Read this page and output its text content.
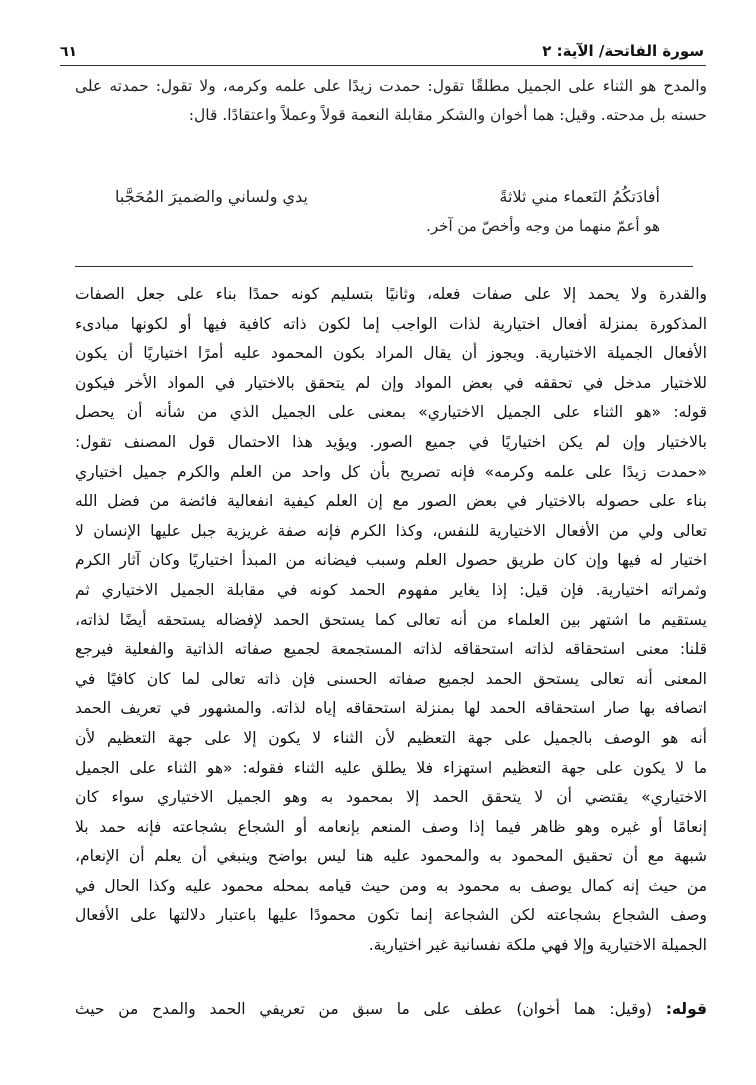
سورة الفاتحة/ الآية: ٢
٦١

والمدح هو الثناء على الجميل مطلقًا تقول: حمدت زيدًا على علمه وكرمه، ولا تقول: حمدته على حسنه بل مدحته. وقيل: هما أخوان والشكر مقابلة النعمة قولاً وعملاً واعتقادًا. قال:

أفادَتكُمُ النَعماء مني ثلاثةً
يدي ولساني والضميرَ المُحَجَّبا
هو أعمّ منهما من وجه وأخصّ من آخر.
والقدرة ولا يحمد إلا على صفات فعله، وثانيًا بتسليم كونه حمدًا بناء على جعل الصفات
المذكورة بمنزلة أفعال اختيارية لذات الواجب إما لكون ذاته كافية فيها أو لكونها مبادىء
الأفعال الجميلة الاختيارية. ويجوز أن يقال المراد بكون المحمود عليه أمرًا اختياريًا أن يكون
للاختيار مدخل في تحققه في بعض المواد وإن لم يتحقق بالاختيار في المواد الأخر فيكون
قوله: «هو الثناء على الجميل الاختياري» بمعنى على الجميل الذي من شأنه أن يحصل
بالاختيار وإن لم يكن اختياريًا في جميع الصور. ويؤيد هذا الاحتمال قول المصنف تقول:
«حمدت زيدًا على علمه وكرمه» فإنه تصريح بأن كل واحد من العلم والكرم جميل اختياري
بناء على حصوله بالاختيار في بعض الصور مع إن العلم كيفية انفعالية فائضة من فضل الله
تعالى ولي من الأفعال الاختيارية للنفس، وكذا الكرم فإنه صفة غريزية جبل عليها الإنسان لا
اختيار له فيها وإن كان طريق حصول العلم وسبب فيضانه من المبدأ اختياريًا وكان آثار الكرم
وثمراته اختيارية. فإن قيل: إذا يغاير مفهوم الحمد كونه في مقابلة الجميل الاختياري ثم
يستقيم ما اشتهر بين العلماء من أنه تعالى كما يستحق الحمد لإفضاله يستحقه أيضًا لذاته،
قلنا: معنى استحقاقه لذاته استحقاقه لذاته المستجمعة لجميع صفاته الذاتية والفعلية فيرجع
المعنى أنه تعالى يستحق الحمد لجميع صفاته الحسنى فإن ذاته تعالى لما كان كافيًا في
اتصافه بها صار استحقاقه الحمد لها بمنزلة استحقاقه إياه لذاته. والمشهور في تعريف الحمد
أنه هو الوصف بالجميل على جهة التعظيم لأن الثناء لا يكون إلا على جهة التعظيم لأن
ما لا يكون على جهة التعظيم استهزاء فلا يطلق عليه الثناء فقوله: «هو الثناء على الجميل
الاختياري» يقتضي أن لا يتحقق الحمد إلا بمحمود به وهو الجميل الاختياري سواء كان
إنعامًا أو غيره وهو ظاهر فيما إذا وصف المنعم بإنعامه أو الشجاع بشجاعته فإنه حمد بلا
شبهة مع أن تحقيق المحمود به والمحمود عليه هنا ليس بواضح وينبغي أن يعلم أن الإنعام،
من حيث إنه كمال يوصف به محمود به ومن حيث قيامه بمحله محمود عليه وكذا الحال في
وصف الشجاع بشجاعته لكن الشجاعة إنما تكون محمودًا عليها باعتبار دلالتها على الأفعال
الجميلة الاختيارية وإلا فهي ملكة نفسانية غير اختيارية.
قوله: (وقيل: هما أخوان) عطف على ما سبق من تعريفي الحمد والمدح من حيث
